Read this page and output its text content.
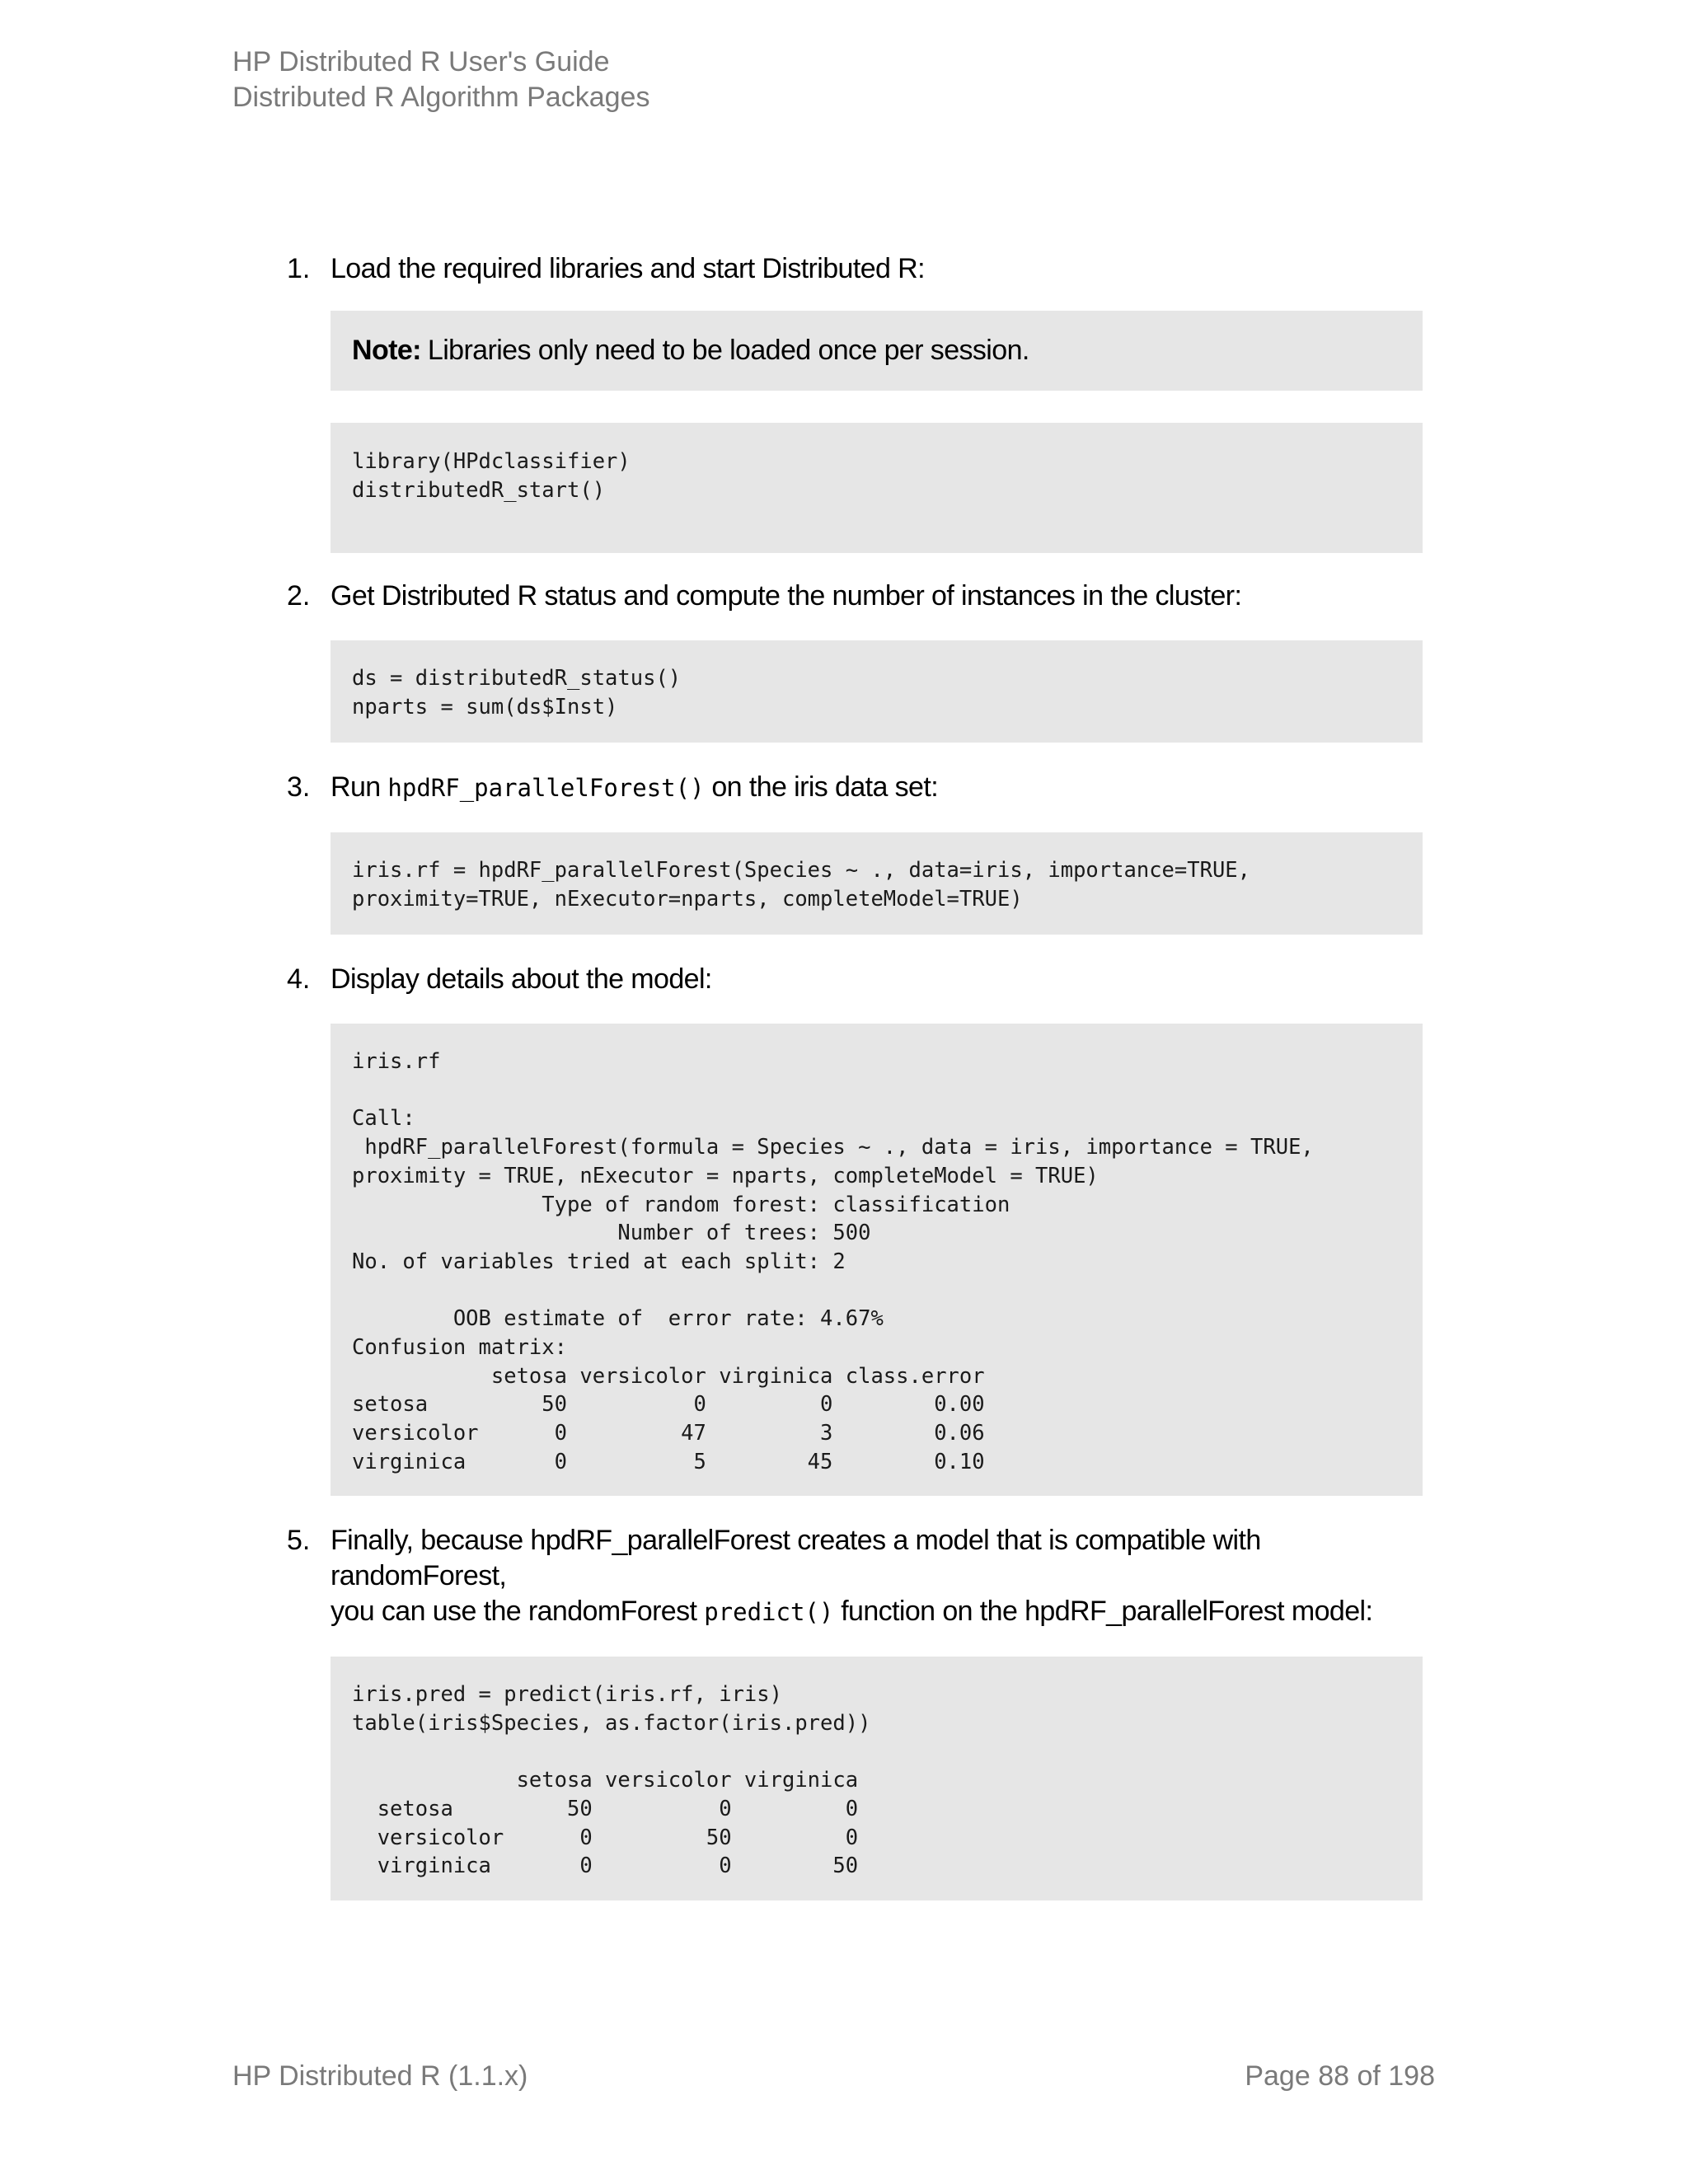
HP Distributed R User's Guide
Distributed R Algorithm Packages
1. Load the required libraries and start Distributed R:
Note: Libraries only need to be loaded once per session.
library(HPdclassifier)
distributedR_start()

2. Get Distributed R status and compute the number of instances in the cluster:
ds = distributedR_status()
nparts = sum(ds$Inst)
3. Run hpdRF_parallelForest() on the iris data set:
iris.rf = hpdRF_parallelForest(Species ~ ., data=iris, importance=TRUE,
proximity=TRUE, nExecutor=nparts, completeModel=TRUE)
4. Display details about the model:
iris.rf

Call:
hpdRF_parallelForest(formula = Species ~ ., data = iris, importance = TRUE,
proximity = TRUE, nExecutor = nparts, completeModel = TRUE)
Type of random forest: classification
Number of trees: 500
No. of variables tried at each split: 2

OOB estimate of  error rate: 4.67%
Confusion matrix:
setosa versicolor virginica class.error
setosa         50          0         0        0.00
versicolor      0         47         3        0.06
virginica       0          5        45        0.10
5. Finally, because hpdRF_parallelForest creates a model that is compatible with randomForest,
you can use the randomForest predict() function on the hpdRF_parallelForest model:
iris.pred = predict(iris.rf, iris)
table(iris$Species, as.factor(iris.pred))

setosa versicolor virginica
setosa         50          0         0
versicolor      0         50         0
virginica       0          0        50
HP Distributed R (1.1.x)	Page 88 of 198
